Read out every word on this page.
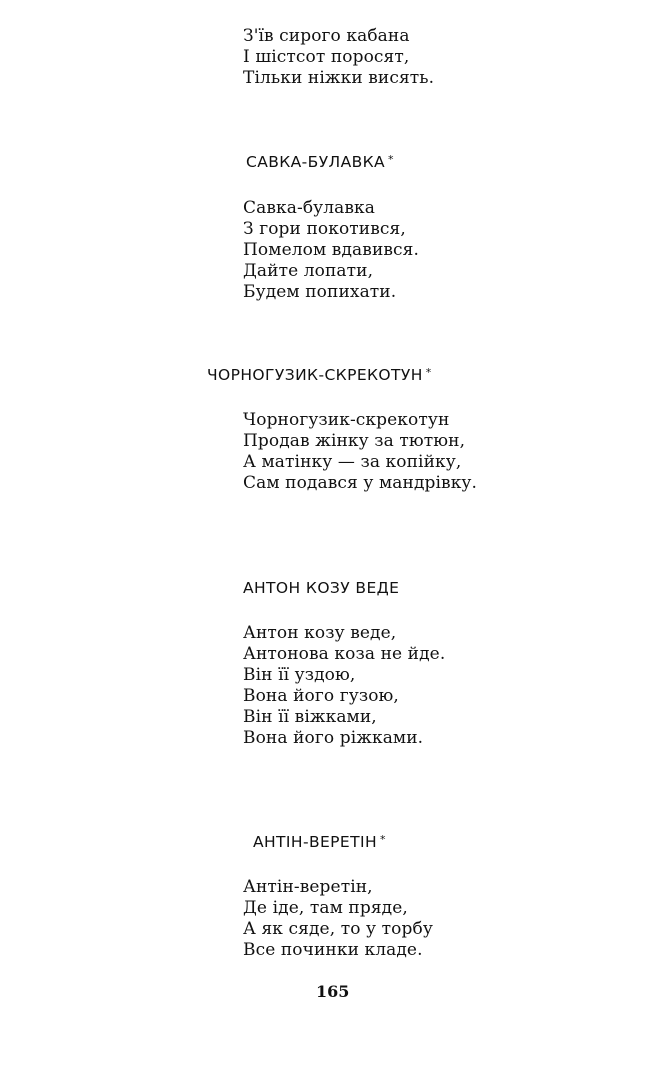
З'їв сирого кабана
І шістсот поросят,
Тільки ніжки висять.
САВКА-БУЛАВКА *
Савка-булавка
З гори покотився,
Помелом вдавився.
Дайте лопати,
Будем попихати.
ЧОРНОГУЗИК-СКРЕКОТУН *
Чорногузик-скрекотун
Продав жінку за тютюн,
А матінку — за копійку,
Сам подався у мандрівку.
АНТОН КОЗУ ВЕДЕ
Антон козу веде,
Антонова коза не йде.
Він її уздою,
Вона його гузою,
Він її віжками,
Вона його ріжками.
АНТІН-ВЕРЕТІН *
Антін-веретін,
Де іде, там пряде,
А як сяде, то у торбу
Все починки кладе.
165
